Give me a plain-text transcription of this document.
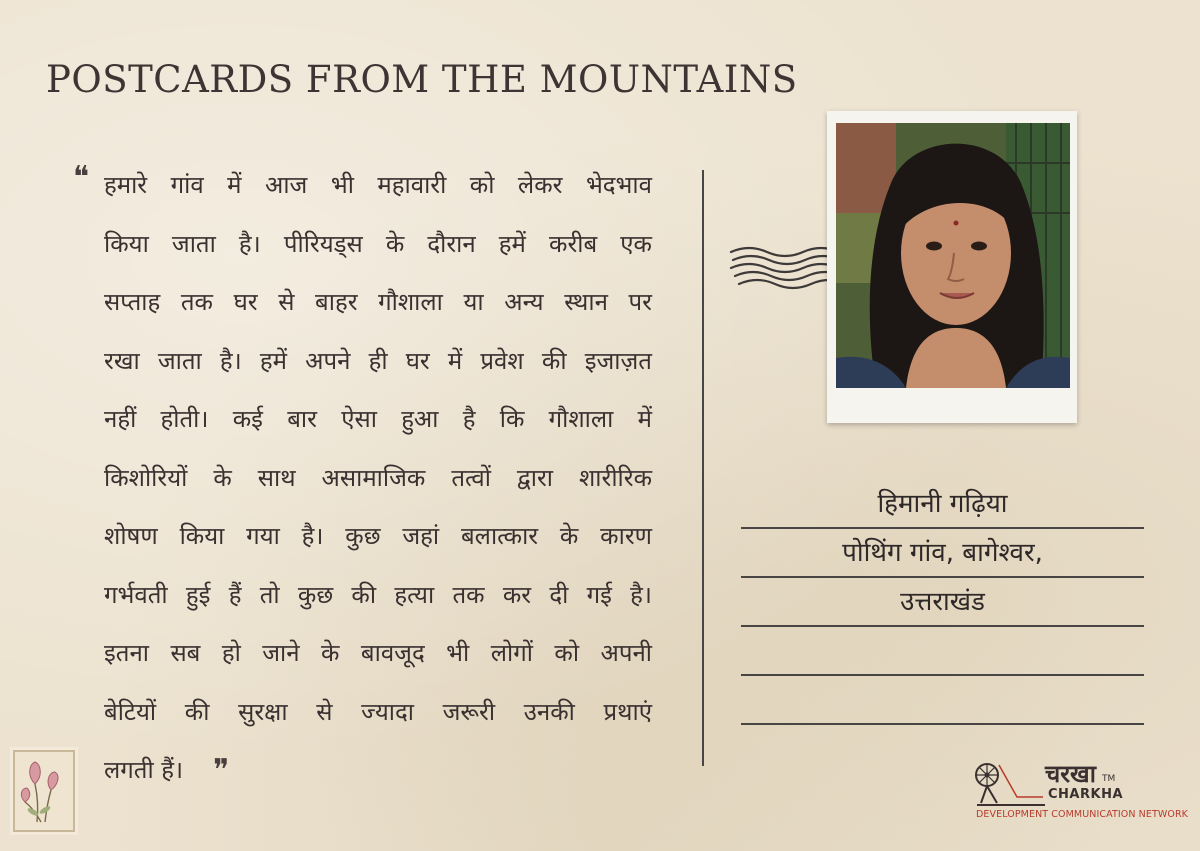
POSTCARDS FROM THE MOUNTAINS
❝ हमारे गांव में आज भी महावारी को लेकर भेदभाव
किया जाता है। पीरियड्स के दौरान हमें करीब एक
सप्ताह तक घर से बाहर गौशाला या अन्य स्थान पर
रखा जाता है। हमें अपने ही घर में प्रवेश की इजाज़त
नहीं होती। कई बार ऐसा हुआ है कि गौशाला में
किशोरियों के साथ असामाजिक तत्वों द्वारा शारीरिक
शोषण किया गया है। कुछ जहां बलात्कार के कारण
गर्भवती हुई हैं तो कुछ की हत्या तक कर दी गई है।
इतना सब हो जाने के बावजूद भी लोगों को अपनी
बेटियों की सुरक्षा से ज्यादा जरूरी उनकी प्रथाएं
लगती हैं। ❞
हिमानी गढ़िया
पोथिंग गांव, बागेश्वर,
उत्तराखंड
चरखा TM
CHARKHA
DEVELOPMENT COMMUNICATION NETWORK
